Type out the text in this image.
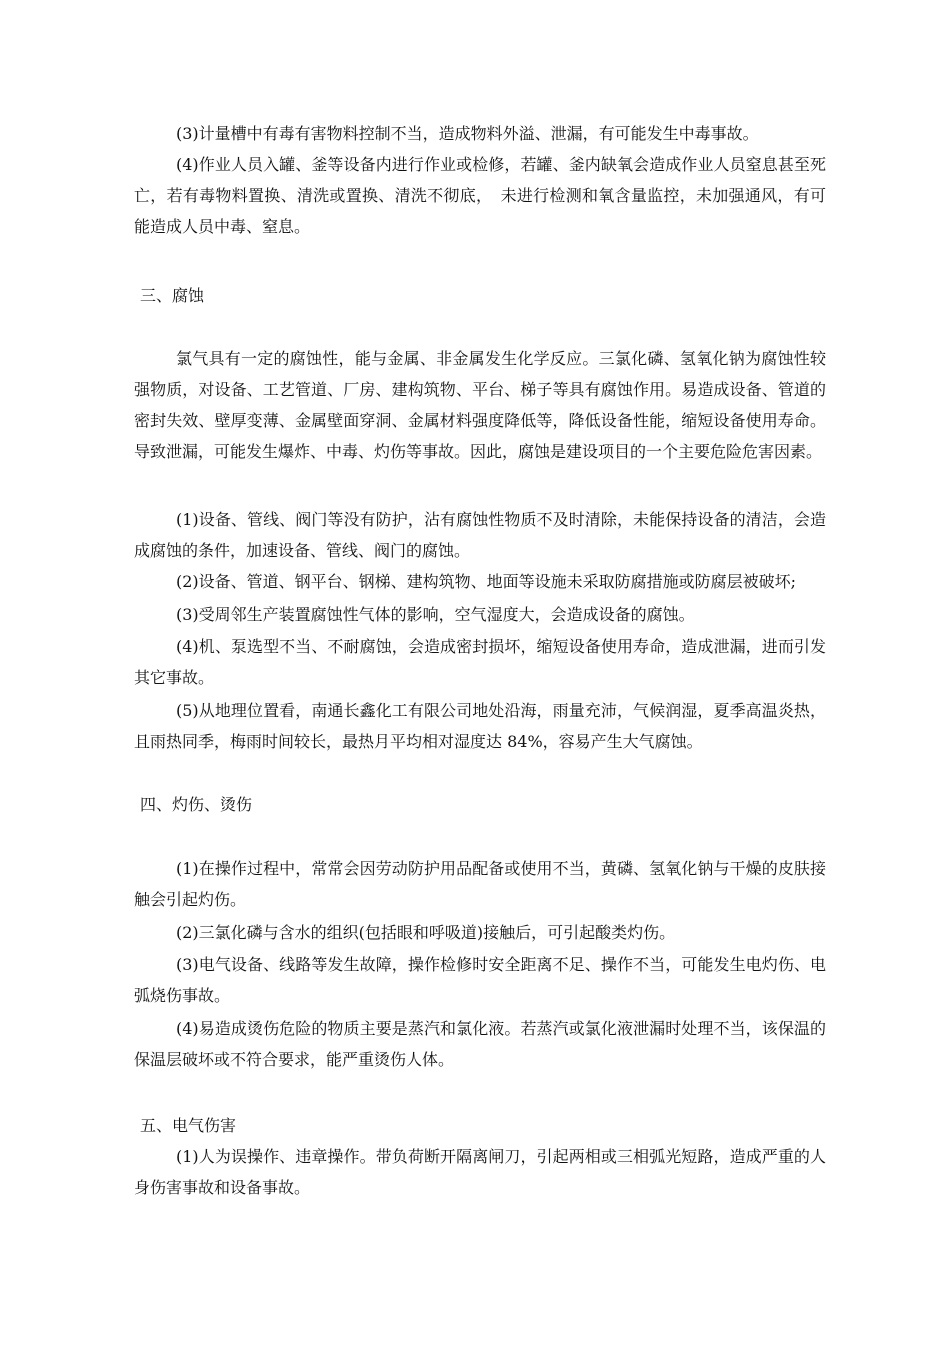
(3)计量槽中有毒有害物料控制不当，造成物料外溢、泄漏，有可能发生中毒事故。

(4)作业人员入罐、釜等设备内进行作业或检修，若罐、釜内缺氧会造成作业人员窒息甚至死亡，若有毒物料置换、清洗或置换、清洗不彻底，　未进行检测和氧含量监控，未加强通风，有可能造成人员中毒、窒息。

三、腐蚀

氯气具有一定的腐蚀性，能与金属、非金属发生化学反应。三氯化磷、氢氧化钠为腐蚀性较强物质，对设备、工艺管道、厂房、建构筑物、平台、梯子等具有腐蚀作用。易造成设备、管道的密封失效、壁厚变薄、金属壁面穿洞、金属材料强度降低等，降低设备性能，缩短设备使用寿命。导致泄漏，可能发生爆炸、中毒、灼伤等事故。因此，腐蚀是建设项目的一个主要危险危害因素。

(1)设备、管线、阀门等没有防护，沾有腐蚀性物质不及时清除，未能保持设备的清洁，会造成腐蚀的条件，加速设备、管线、阀门的腐蚀。

(2)设备、管道、钢平台、钢梯、建构筑物、地面等设施未采取防腐措施或防腐层被破坏;

(3)受周邻生产装置腐蚀性气体的影响，空气湿度大，会造成设备的腐蚀。

(4)机、泵选型不当、不耐腐蚀，会造成密封损坏，缩短设备使用寿命，造成泄漏，进而引发其它事故。

(5)从地理位置看，南通长鑫化工有限公司地处沿海，雨量充沛，气候润湿，夏季高温炎热，且雨热同季，梅雨时间较长，最热月平均相对湿度达 84%，容易产生大气腐蚀。

四、灼伤、烫伤

(1)在操作过程中，常常会因劳动防护用品配备或使用不当，黄磷、氢氧化钠与干燥的皮肤接触会引起灼伤。

(2)三氯化磷与含水的组织(包括眼和呼吸道)接触后，可引起酸类灼伤。

(3)电气设备、线路等发生故障，操作检修时安全距离不足、操作不当，可能发生电灼伤、电弧烧伤事故。

(4)易造成烫伤危险的物质主要是蒸汽和氯化液。若蒸汽或氯化液泄漏时处理不当，该保温的保温层破坏或不符合要求，能严重烫伤人体。

五、电气伤害

(1)人为误操作、违章操作。带负荷断开隔离闸刀，引起两相或三相弧光短路，造成严重的人身伤害事故和设备事故。
